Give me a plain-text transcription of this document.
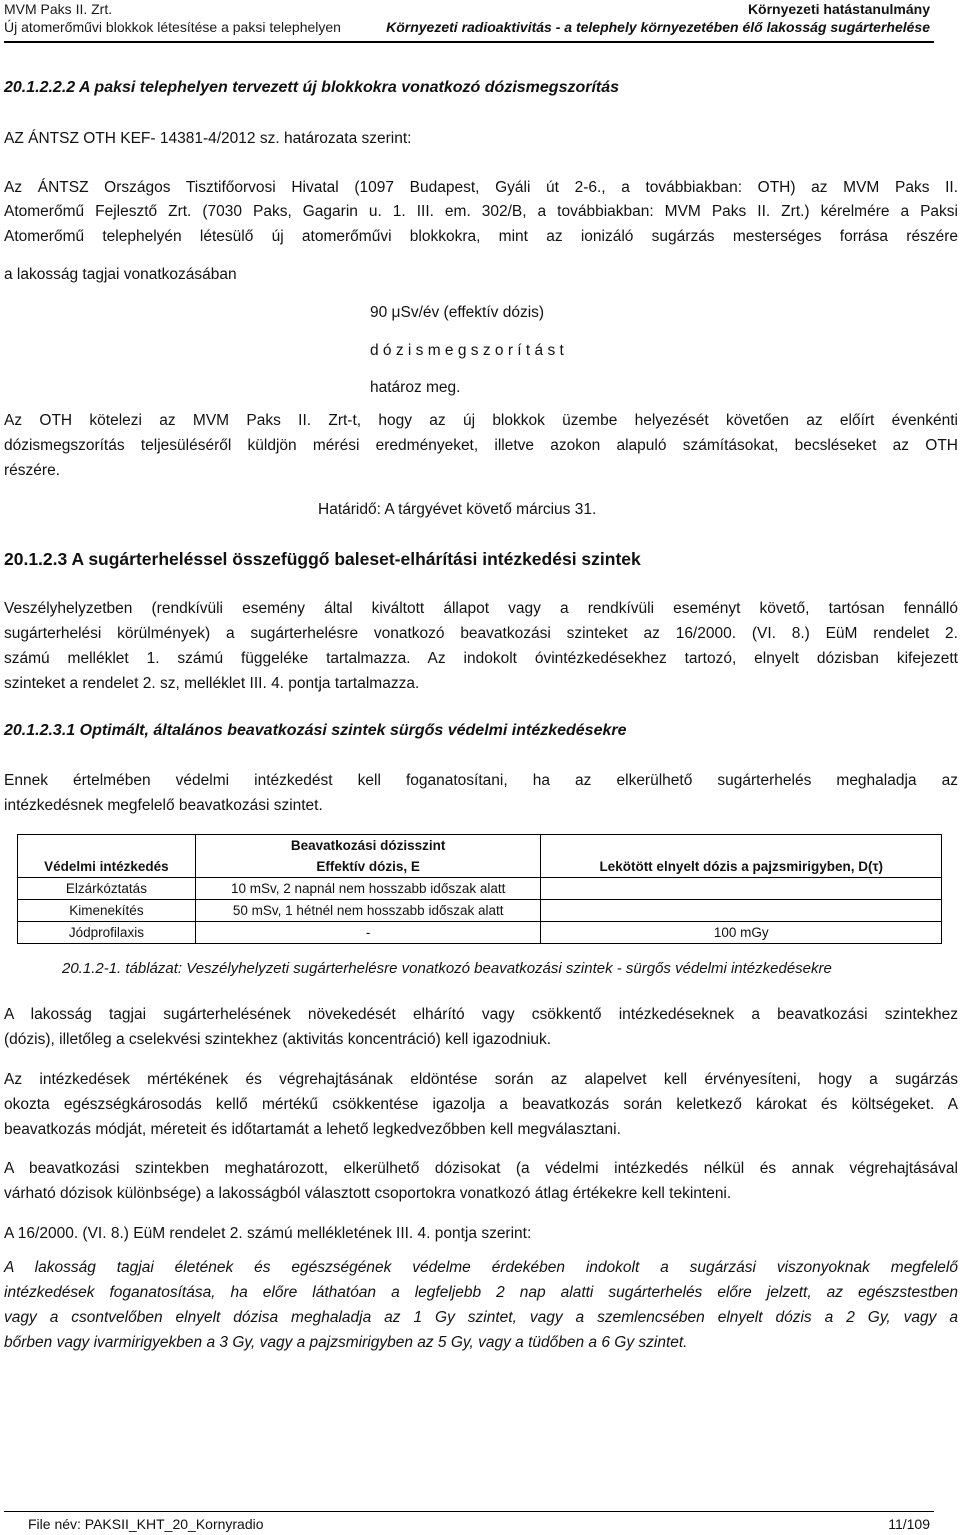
MVM Paks II. Zrt.
Új atomerőművi blokkok létesítése a paksi telephelyen
Környezeti hatástanulmány
Környezeti radioaktivitás - a telephely környezetében élő lakosság sugárterhelése
20.1.2.2.2 A paksi telephelyen tervezett új blokkokra vonatkozó dózismegszorítás
AZ ÁNTSZ OTH KEF- 14381-4/2012 sz. határozata szerint:
Az ÁNTSZ Országos Tisztifőorvosi Hivatal (1097 Budapest, Gyáli út 2-6., a továbbiakban: OTH) az MVM Paks II.
Atomerőmű Fejlesztő Zrt. (7030 Paks, Gagarin u. 1. III. em. 302/B, a továbbiakban: MVM Paks II. Zrt.) kérelmére a Paksi
Atomerőmű telephelyén létesülő új atomerőművi blokkokra, mint az ionizáló sugárzás mesterséges forrása részére
a lakosság tagjai vonatkozásában
90 μSv/év (effektív dózis)
d ó z i s m e g s z o r í t á s t
határoz meg.
Az OTH kötelezi az MVM Paks II. Zrt-t, hogy az új blokkok üzembe helyezését követően az előírt évenkénti
dózismegszorítás teljesüléséről küldjön mérési eredményeket, illetve azokon alapuló számításokat, becsléseket az OTH
részére.
Határidő: A tárgyévet követő március 31.
20.1.2.3 A sugárterheléssel összefüggő baleset-elhárítási intézkedési szintek
Veszélyhelyzetben (rendkívüli esemény által kiváltott állapot vagy a rendkívüli eseményt követő, tartósan fennálló
sugárterhelési körülmények) a sugárterhelésre vonatkozó beavatkozási szinteket az 16/2000. (VI. 8.) EüM rendelet 2.
számú melléklet 1. számú függeléke tartalmazza. Az indokolt óvintézkedésekhez tartozó, elnyelt dózisban kifejezett
szinteket a rendelet 2. sz, melléklet III. 4. pontja tartalmazza.
20.1.2.3.1 Optimált, általános beavatkozási szintek sürgős védelmi intézkedésekre
Ennek értelmében védelmi intézkedést kell foganatosítani, ha az elkerülhető sugárterhelés meghaladja az
intézkedésnek megfelelő beavatkozási szintet.
	Beavatkozási dózisszint	
Védelmi intézkedés	Effektív dózis, E	Lekötött elnyelt dózis a pajzsmirigyben, D(τ)
Elzárkóztatás	10 mSv, 2 napnál nem hosszabb időszak alatt	
Kimenekítés	50 mSv, 1 hétnél nem hosszabb időszak alatt	
Jódprofilaxis	-	100 mGy
20.1.2-1. táblázat: Veszélyhelyzeti sugárterhelésre vonatkozó beavatkozási szintek - sürgős védelmi intézkedésekre
A lakosság tagjai sugárterhelésének növekedését elhárító vagy csökkentő intézkedéseknek a beavatkozási szintekhez
(dózis), illetőleg a cselekvési szintekhez (aktivitás koncentráció) kell igazodniuk.
Az intézkedések mértékének és végrehajtásának eldöntése során az alapelvet kell érvényesíteni, hogy a sugárzás
okozta egészségkárosodás kellő mértékű csökkentése igazolja a beavatkozás során keletkező károkat és költségeket. A
beavatkozás módját, méreteit és időtartamát a lehető legkedvezőbben kell megválasztani.
A beavatkozási szintekben meghatározott, elkerülhető dózisokat (a védelmi intézkedés nélkül és annak végrehajtásával
várható dózisok különbsége) a lakosságból választott csoportokra vonatkozó átlag értékekre kell tekinteni.
A 16/2000. (VI. 8.) EüM rendelet 2. számú mellékletének III. 4. pontja szerint:
A lakosság tagjai életének és egészségének védelme érdekében indokolt a sugárzási viszonyoknak megfelelő
intézkedések foganatosítása, ha előre láthatóan a legfeljebb 2 nap alatti sugárterhelés előre jelzett, az egészstestben
vagy a csontvelőben elnyelt dózisa meghaladja az 1 Gy szintet, vagy a szemlencsében elnyelt dózis a 2 Gy, vagy a
bőrben vagy ivarmirigyekben a 3 Gy, vagy a pajzsmirigyben az 5 Gy, vagy a tüdőben a 6 Gy szintet.
File név: PAKSII_KHT_20_Kornyradio	11/109
